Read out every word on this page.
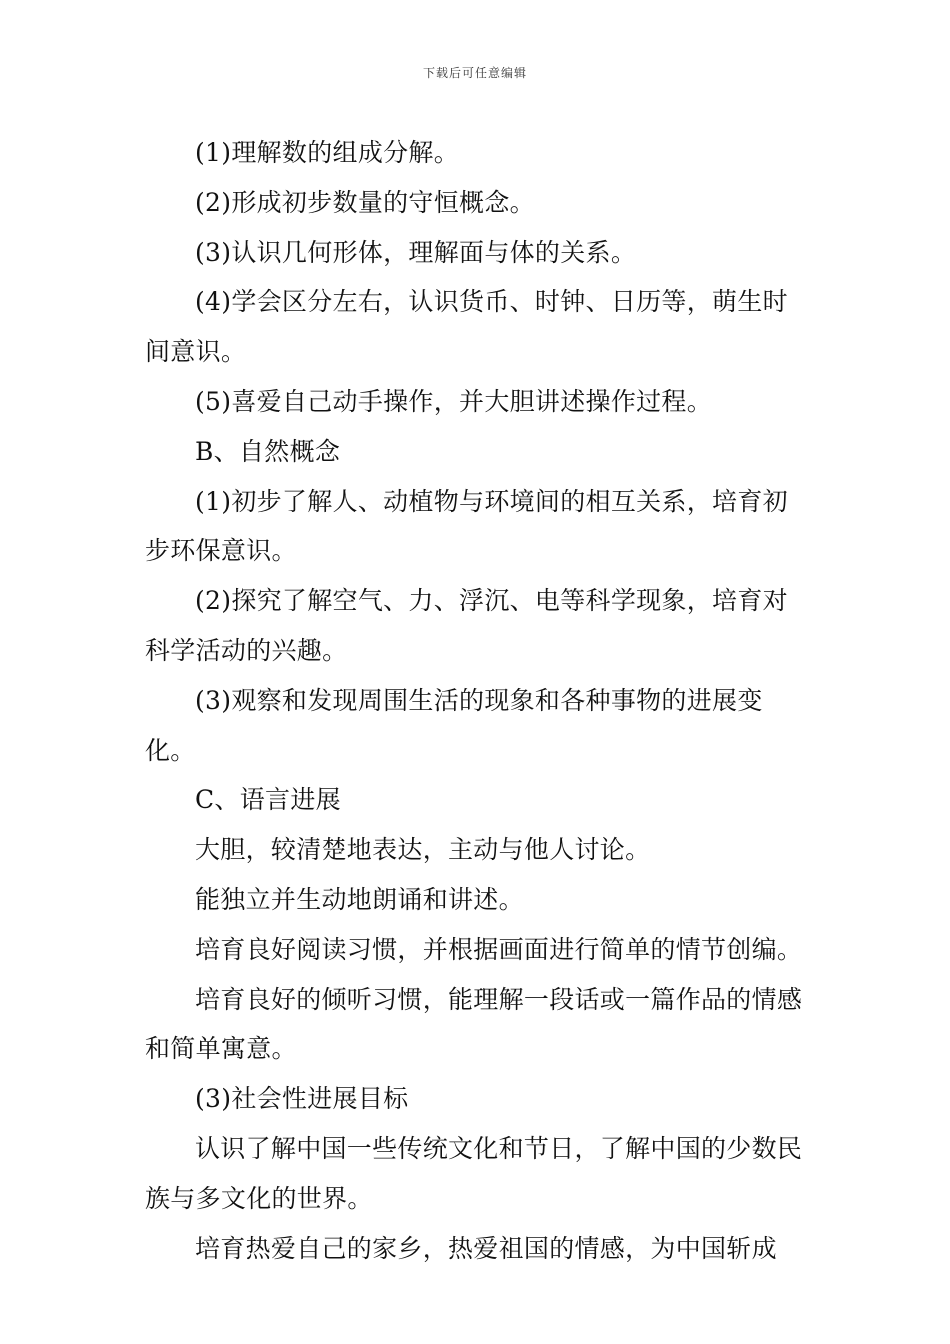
下载后可任意编辑

(1)理解数的组成分解。

(2)形成初步数量的守恒概念。

(3)认识几何形体，理解面与体的关系。

(4)学会区分左右，认识货币、时钟、日历等，萌生时间意识。

(5)喜爱自己动手操作，并大胆讲述操作过程。

B、自然概念

(1)初步了解人、动植物与环境间的相互关系，培育初步环保意识。

(2)探究了解空气、力、浮沉、电等科学现象，培育对科学活动的兴趣。

(3)观察和发现周围生活的现象和各种事物的进展变化。

C、语言进展

大胆，较清楚地表达，主动与他人讨论。

能独立并生动地朗诵和讲述。

培育良好阅读习惯，并根据画面进行简单的情节创编。

培育良好的倾听习惯，能理解一段话或一篇作品的情感和简单寓意。

(3)社会性进展目标

认识了解中国一些传统文化和节日，了解中国的少数民族与多文化的世界。

培育热爱自己的家乡，热爱祖国的情感，为中国斩成
